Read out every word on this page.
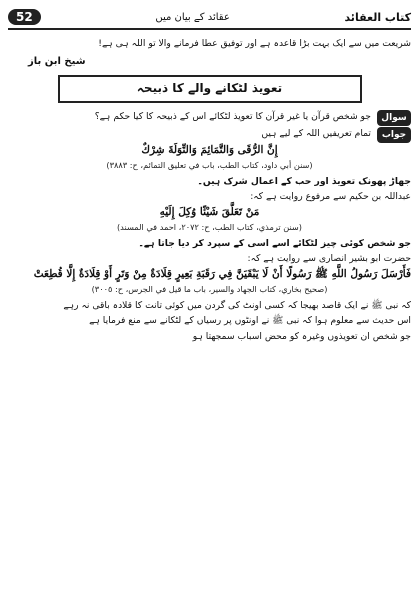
کتاب العقائد
عقائد کے بیان میں
52
شریعت میں سے ایک بہت بڑا قاعدہ ہے اور توفیق عطا فرمانے والا تو اللہ ہی ہے!
شیخ ابن باز
تعویذ لٹکانے والے کا ذبیحہ
سوال
جو شخص قرآن یا غیر قرآن کا تعویذ لٹکائے اس کے ذبیحہ کا کیا حکم ہے؟
جواب
تمام تعریفیں اللہ کے لیے ہیں
إِنَّ الرُّقَى وَالتَّمَائِمَ وَالتِّوَلَةَ شِرْكٌ
(سنن أبي داود، كتاب الطب، باب في تعليق التمائم، ح: ٣٨٨٣)
جھاڑ پھونک تعویذ اور حب کے اعمال شرک ہیں۔
عبداللہ بن حکیم سے مرفوع روایت ہے کہ:
مَنْ تَعَلَّقَ شَيْئًا وُكِلَ إِلَيْهِ
(سنن ترمذي، كتاب الطب، ح: ٢٠٧٢، احمد في المسند)
جو شخص کوئی چیز لٹکائے اسے اسی کے سپرد کر دیا جاتا ہے۔
حضرت ابو بشیر انصاری سے روایت ہے کہ:
فَأَرْسَلَ رَسُولُ اللَّهِ ﷺ رَسُولًا أَنْ لَا يَبْقَيَنَّ فِي رَقَبَةِ بَعِيرٍ قِلَادَةٌ مِنْ وَتَرٍ أَوْ قِلَادَةٌ إِلَّا قُطِعَتْ
(صحيح بخاري، كتاب الجهاد والسير، باب ما قيل في الجرس، ح: ٣٠٠٥)
کہ نبی ﷺ نے ایک قاصد بھیجا کہ کسی اونٹ کی گردن میں کوئی تانت کا قلادہ باقی نہ رہے
اس حدیث سے معلوم ہوا کہ نبی ﷺ نے اونٹوں پر رسیاں کے لٹکانے سے منع فرمایا ہے
جو شخص ان تعویذوں وغیرہ کو محض اسباب سمجھتا ہو
